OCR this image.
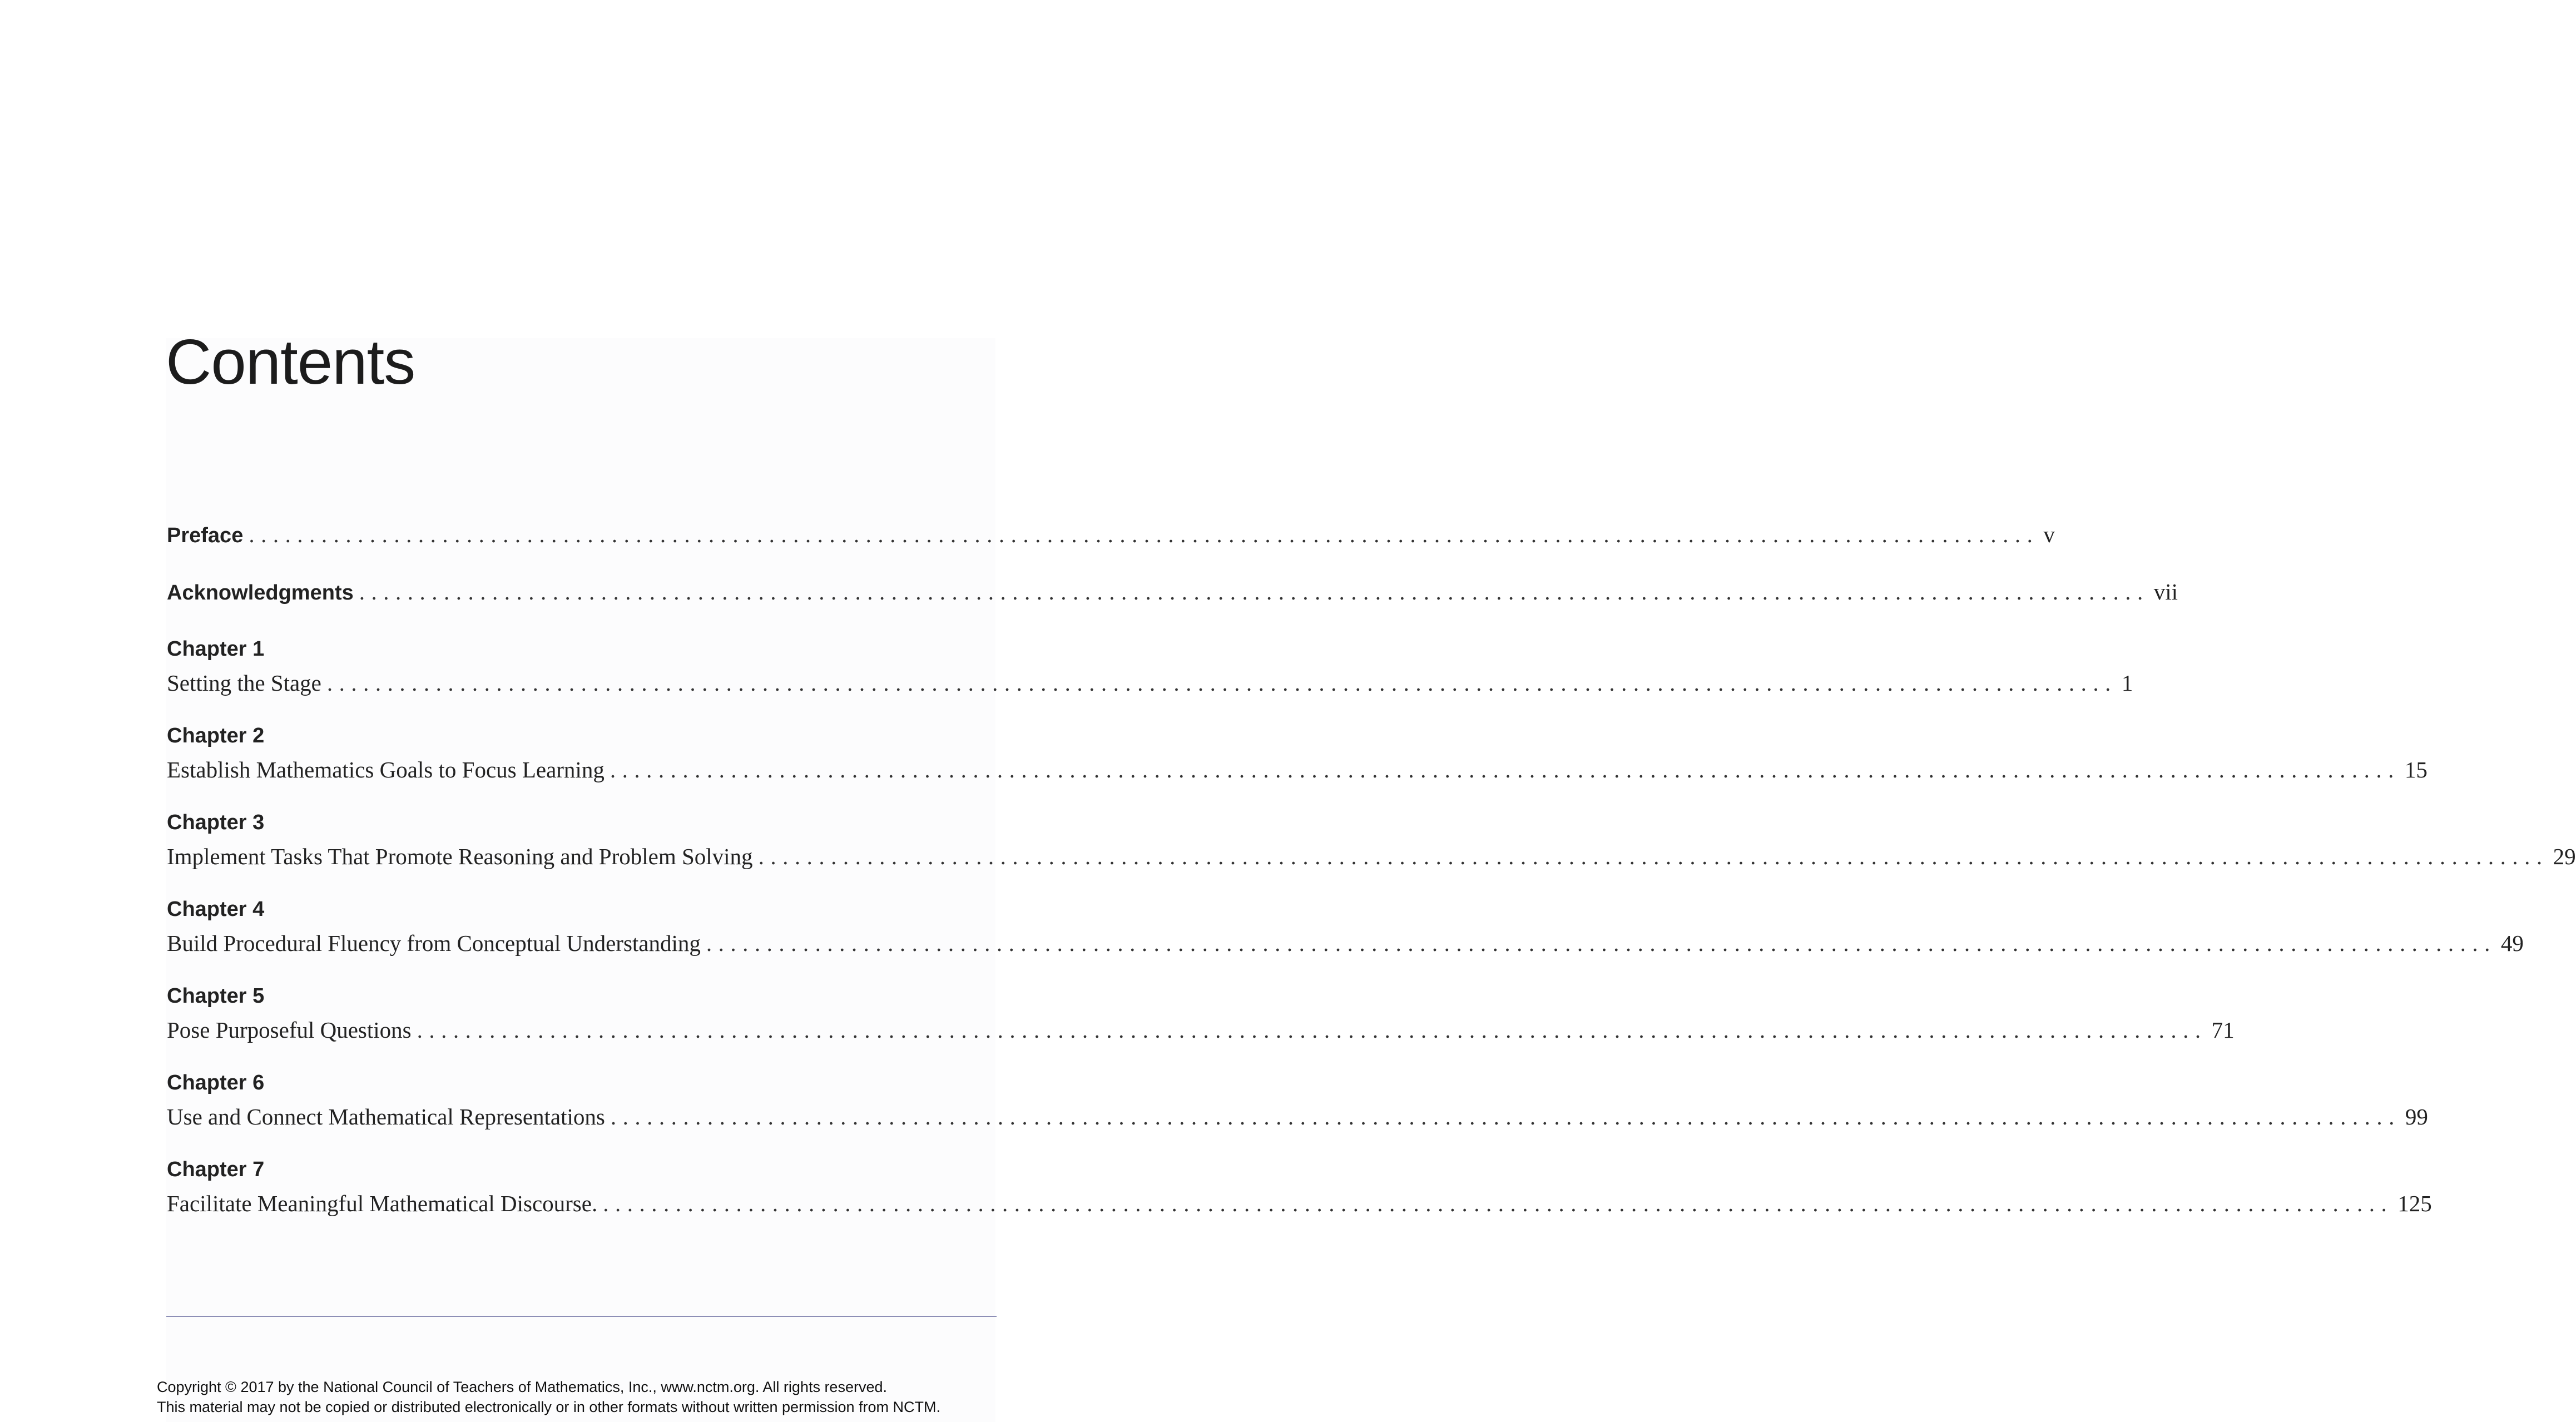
Contents
Preface .................................................................................................................................................... v
Acknowledgments .................................................................................................................................................... vii
Chapter 1
Setting the Stage .................................................................................................................................................... 1
Chapter 2
Establish Mathematics Goals to Focus Learning .................................................................................................................................................... 15
Chapter 3
Implement Tasks That Promote Reasoning and Problem Solving .................................................................................................................................................... 29
Chapter 4
Build Procedural Fluency from Conceptual Understanding .................................................................................................................................................... 49
Chapter 5
Pose Purposeful Questions .................................................................................................................................................... 71
Chapter 6
Use and Connect Mathematical Representations .................................................................................................................................................... 99
Chapter 7
Facilitate Meaningful Mathematical Discourse. .................................................................................................................................................... 125
Copyright © 2017 by the National Council of Teachers of Mathematics, Inc., www.nctm.org. All rights reserved.
This material may not be copied or distributed electronically or in other formats without written permission from NCTM.
